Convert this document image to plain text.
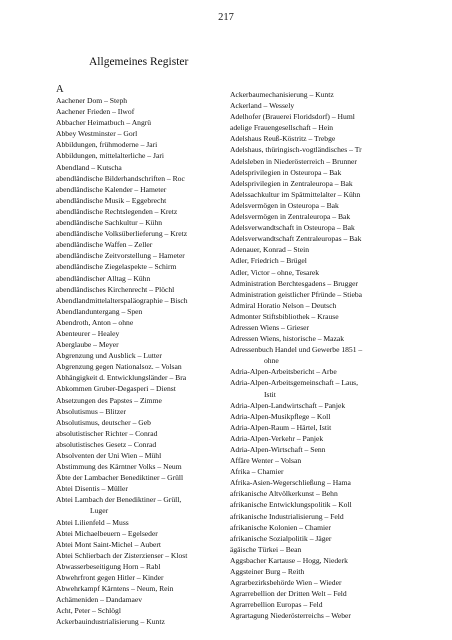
217
Allgemeines Register
A
Aachener Dom – Steph
Aachener Frieden – Ilwof
Abbacher Heimatbuch – Angrü
Abbey Westminster – Gorl
Abbildungen, frühmoderne – Jari
Abbildungen, mittelalterliche – Jari
Abendland – Kutscha
abendländische Bilderhandschriften – Roc
abendländische Kalender – Hameter
abendländische Musik – Eggebrecht
abendländische Rechtslegenden – Kretz
abendländische Sachkultur – Kühn
abendländische Volksüberlieferung – Kretz
abendländische Waffen – Zeller
abendländische Zeitvorstellung – Hameter
abendländische Ziegelaspekte – Schirm
abendländischer Alltag – Kühn
abendländisches Kirchenrecht – Plöchl
Abendlandmittelalterspaläographie – Bisch
Abendlanduntergang – Spen
Abendroth, Anton – ohne
Abenteurer – Healey
Aberglaube – Meyer
Abgrenzung und Ausblick – Lutter
Abgrenzung gegen Nationalsoz. – Volsan
Abhängigkeit d. Entwicklungsländer – Bra
Abkommen Gruber-Degasperi – Dienst
Absetzungen des Papstes – Zimme
Absolutismus – Blitzer
Absolutismus, deutscher – Geb
absolutistischer Richter – Conrad
absolutistisches Gesetz – Conrad
Absolventen der Uni Wien – Mühl
Abstimmung des Kärntner Volks – Neum
Äbte der Lambacher Benediktiner – Grüll
Abtei Disentis – Müller
Abtei Lambach der Benediktiner – Grüll,
Luger
Abtei Lilienfeld – Muss
Abtei Michaelbeuern – Egelseder
Abtei Mont Saint-Michel – Aubert
Abtei Schlierbach der Zisterzienser – Klost
Abwasserbeseitigung Horn – Rabl
Abwehrfront gegen Hitler – Kinder
Abwehrkampf Kärntens – Neum, Rein
Achämeniden – Dandamaev
Acht, Peter – Schlögl
Ackerbauindustrialisierung – Kuntz
Ackerbaumechanisierung – Kuntz
Ackerland – Wessely
Adelhofer (Brauerei Floridsdorf) – Huml
adelige Frauengesellschaft – Hein
Adelshaus Reuß-Köstritz – Trebge
Adelshaus, thüringisch-vogtländisches – Tr
Adelsleben in Niederösterreich – Brunner
Adelsprivilegien in Osteuropa – Bak
Adelsprivilegien in Zentraleuropa – Bak
Adelssachkultur im Spätmittelalter – Kühn
Adelsvermögen in Osteuropa – Bak
Adelsvermögen in Zentraleuropa – Bak
Adelsverwandtschaft in Osteuropa – Bak
Adelsverwandtschaft Zentraleuropas – Bak
Adenauer, Konrad – Stein
Adler, Friedrich – Brügel
Adler, Victor – ohne, Tesarek
Administration Berchtesgadens – Brugger
Administration geistlicher Pfründe – Stieba
Admiral Horatio Nelson – Deutsch
Admonter Stiftsbibliothek – Krause
Adressen Wiens – Grieser
Adressen Wiens, historische – Mazak
Adressenbuch Handel und Gewerbe 1851 –
ohne
Adria-Alpen-Arbeitsbericht – Arbe
Adria-Alpen-Arbeitsgemeinschaft – Laus,
Istit
Adria-Alpen-Landwirtschaft – Panjek
Adria-Alpen-Musikpflege – Koll
Adria-Alpen-Raum – Härtel, Istit
Adria-Alpen-Verkehr – Panjek
Adria-Alpen-Wirtschaft – Senn
Affäre Wenter – Volsan
Afrika – Chamier
Afrika-Asien-Wegerschließung – Hama
afrikanische Altvölkerkunst – Behn
afrikanische Entwicklungspolitik – Koll
afrikanische Industrialisierung – Feld
afrikanische Kolonien – Chamier
afrikanische Sozialpolitik – Jäger
ägäische Türkei – Bean
Aggsbacher Kartause – Hogg, Niederk
Aggsteiner Burg – Reith
Agrarbezirksbehörde Wien – Wieder
Agrarrebellion der Dritten Welt – Feld
Agrarrebellion Europas – Feld
Agrartagung Niederösterreichs – Weber
